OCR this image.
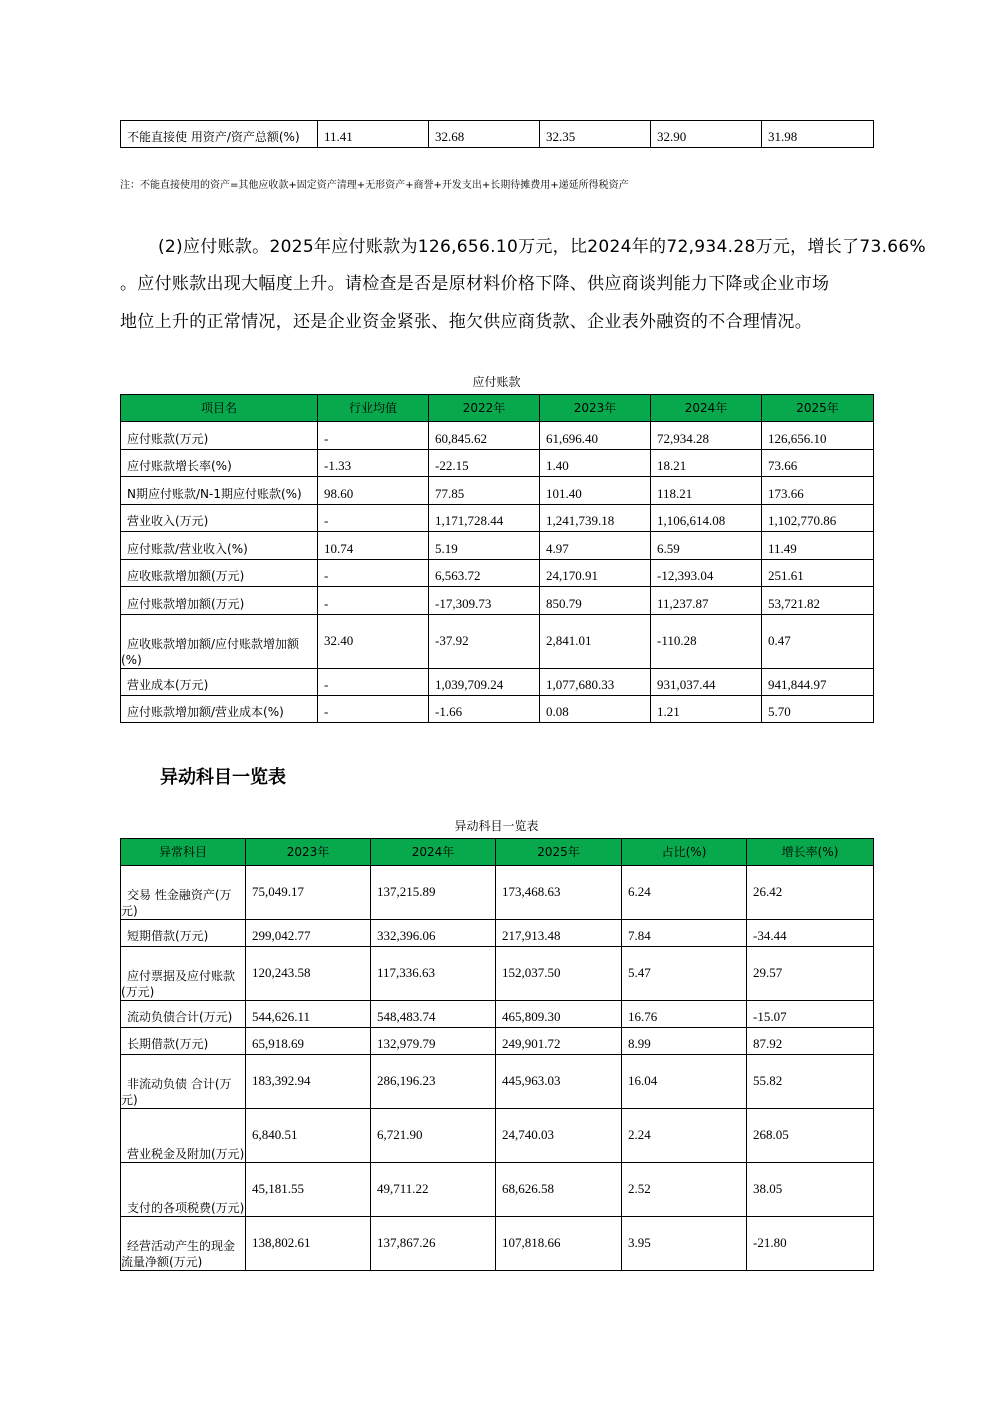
不能直接使 用资产/资产总额(%)	11.41	32.68	32.35	32.90	31.98
注：不能直接使用的资产=其他应收款+固定资产清理+无形资产+商誉+开发支出+长期待摊费用+递延所得税资产
(2)应付账款。2025年应付账款为126,656.10万元，比2024年的72,934.28万元，增长了73.66%
。应付账款出现大幅度上升。请检查是否是原材料价格下降、供应商谈判能力下降或企业市场
地位上升的正常情况，还是企业资金紧张、拖欠供应商货款、企业表外融资的不合理情况。
应付账款
项目名	行业均值	2022年	2023年	2024年	2025年
应付账款(万元)	-	60,845.62	61,696.40	72,934.28	126,656.10
应付账款增长率(%)	-1.33	-22.15	1.40	18.21	73.66
N期应付账款/N-1期应付账款(%)	98.60	77.85	101.40	118.21	173.66
营业收入(万元)	-	1,171,728.44	1,241,739.18	1,106,614.08	1,102,770.86
应付账款/营业收入(%)	10.74	5.19	4.97	6.59	11.49
应收账款增加额(万元)	-	6,563.72	24,170.91	-12,393.04	251.61
应付账款增加额(万元)	-	-17,309.73	850.79	11,237.87	53,721.82
应收账款增加额/应付账款增加额(%)	32.40	-37.92	2,841.01	-110.28	0.47
营业成本(万元)	-	1,039,709.24	1,077,680.33	931,037.44	941,844.97
应付账款增加额/营业成本(%)	-	-1.66	0.08	1.21	5.70
异动科目一览表
异动科目一览表
异常科目	2023年	2024年	2025年	占比(%)	增长率(%)
交易 性金融资产(万元)	75,049.17	137,215.89	173,468.63	6.24	26.42
短期借款(万元)	299,042.77	332,396.06	217,913.48	7.84	-34.44
应付票据及应付账款(万元)	120,243.58	117,336.63	152,037.50	5.47	29.57
流动负债合计(万元)	544,626.11	548,483.74	465,809.30	16.76	-15.07
长期借款(万元)	65,918.69	132,979.79	249,901.72	8.99	87.92
非流动负债 合计(万元)	183,392.94	286,196.23	445,963.03	16.04	55.82
营业税金及附加(万元)	6,840.51	6,721.90	24,740.03	2.24	268.05
支付的各项税费(万元)	45,181.55	49,711.22	68,626.58	2.52	38.05
经营活动产生的现金流量净额(万元)	138,802.61	137,867.26	107,818.66	3.95	-21.80
